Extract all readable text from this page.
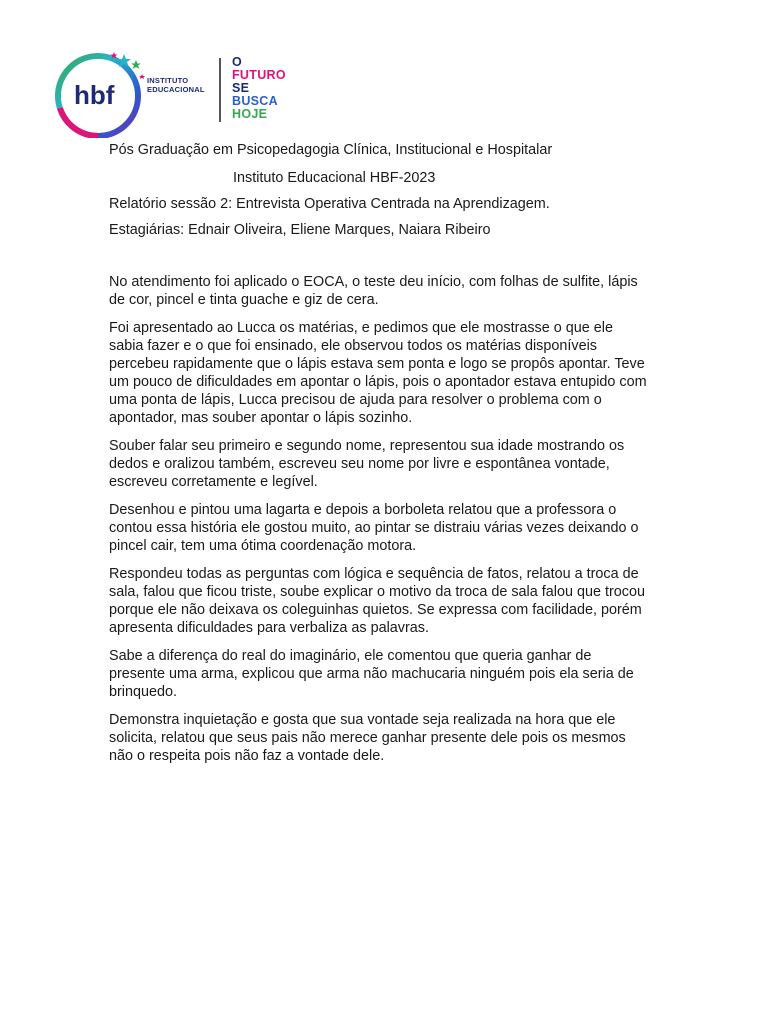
hbf	INSTITUTO
EDUCACIONAL
O
FUTURO
SE
BUSCA
HOJE

Pós Graduação em Psicopedagogia Clínica, Institucional e Hospitalar

Instituto Educacional HBF-2023

Relatório sessão 2: Entrevista Operativa Centrada na Aprendizagem.

Estagiárias: Ednair Oliveira, Eliene Marques, Naiara Ribeiro

No atendimento foi aplicado o EOCA, o teste deu início, com folhas de sulfite, lápis de cor, pincel e tinta guache e giz de cera.

Foi apresentado ao Lucca os matérias, e pedimos que ele mostrasse o que ele sabia fazer e o que foi ensinado, ele observou todos os matérias disponíveis percebeu rapidamente que o lápis estava sem ponta e logo se propôs apontar. Teve um pouco de dificuldades em apontar o lápis, pois o apontador estava entupido com uma ponta de lápis, Lucca precisou de ajuda para resolver o problema com o apontador, mas souber apontar o lápis sozinho.

Souber falar seu primeiro e segundo nome, representou sua idade mostrando os dedos e oralizou também, escreveu seu nome por livre e espontânea vontade, escreveu corretamente e legível.

Desenhou e pintou uma lagarta e depois a borboleta relatou que a professora o contou essa história ele gostou muito, ao pintar se distraiu várias vezes deixando o pincel cair, tem uma ótima coordenação motora.

Respondeu todas as perguntas com lógica e sequência de fatos, relatou a troca de sala, falou que ficou triste, soube explicar o motivo da troca de sala falou que trocou porque ele não deixava os coleguinhas quietos. Se expressa com facilidade, porém apresenta dificuldades para verbaliza as palavras.

Sabe a diferença do real do imaginário, ele comentou que queria ganhar de presente uma arma, explicou que arma não machucaria ninguém pois ela seria de brinquedo.

Demonstra inquietação e gosta que sua vontade seja realizada na hora que ele solicita, relatou que seus pais não merece ganhar presente dele pois os mesmos não o respeita pois não faz a vontade dele.
